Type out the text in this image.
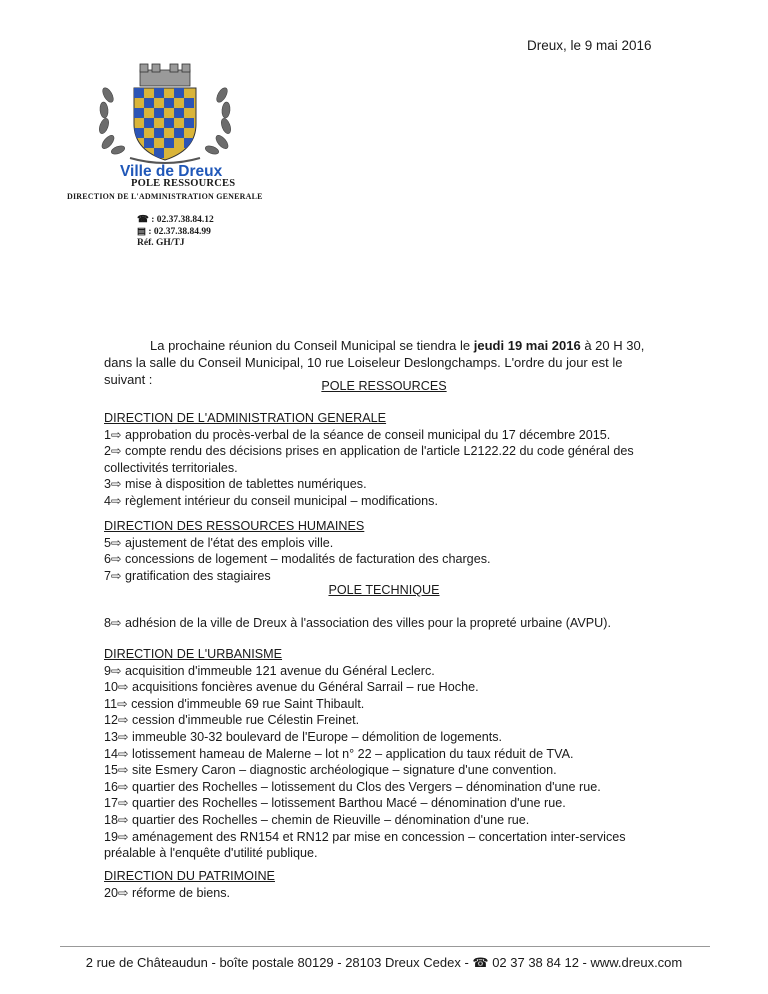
Dreux, le 9 mai 2016
Ville de Dreux
POLE RESSOURCES
DIRECTION DE L'ADMINISTRATION GENERALE
☎ : 02.37.38.84.12
▤ : 02.37.38.84.99
Réf. GH/TJ

La prochaine réunion du Conseil Municipal se tiendra le jeudi 19 mai 2016 à 20 H 30,

dans la salle du Conseil Municipal, 10 rue Loiseleur Deslongchamps. L'ordre du jour est le suivant :	POLE RESSOURCES

DIRECTION DE L'ADMINISTRATION GENERALE

1⇨ approbation du procès-verbal de la séance de conseil municipal du 17 décembre 2015.

2⇨ compte rendu des décisions prises en application de l'article L2122.22 du code général des

collectivités territoriales.

3⇨ mise à disposition de tablettes numériques.

4⇨ règlement intérieur du conseil municipal – modifications.

DIRECTION DES RESSOURCES HUMAINES

5⇨ ajustement de l'état des emplois ville.

6⇨ concessions de logement – modalités de facturation des charges.

7⇨ gratification des stagiaires

POLE TECHNIQUE

8⇨ adhésion de la ville de Dreux à l'association des villes pour la propreté urbaine (AVPU).

DIRECTION DE L'URBANISME

9⇨ acquisition d'immeuble 121 avenue du Général Leclerc.

10⇨ acquisitions foncières avenue du Général Sarrail – rue Hoche.

11⇨ cession d'immeuble 69 rue Saint Thibault.

12⇨ cession d'immeuble rue Célestin Freinet.

13⇨ immeuble 30-32 boulevard de l'Europe – démolition de logements.

14⇨ lotissement hameau de Malerne – lot n° 22 – application du taux réduit de TVA.

15⇨ site Esmery Caron – diagnostic archéologique – signature d'une convention.

16⇨ quartier des Rochelles – lotissement du Clos des Vergers – dénomination d'une rue.

17⇨ quartier des Rochelles – lotissement Barthou Macé – dénomination d'une rue.

18⇨ quartier des Rochelles – chemin de Rieuville – dénomination d'une rue.

19⇨ aménagement des RN154 et RN12 par mise en concession – concertation inter-services

préalable à l'enquête d'utilité publique.

DIRECTION DU PATRIMOINE

20⇨ réforme de biens.

2 rue de Châteaudun - boîte postale 80129 - 28103 Dreux Cedex - ☎ 02 37 38 84 12 - www.dreux.com
